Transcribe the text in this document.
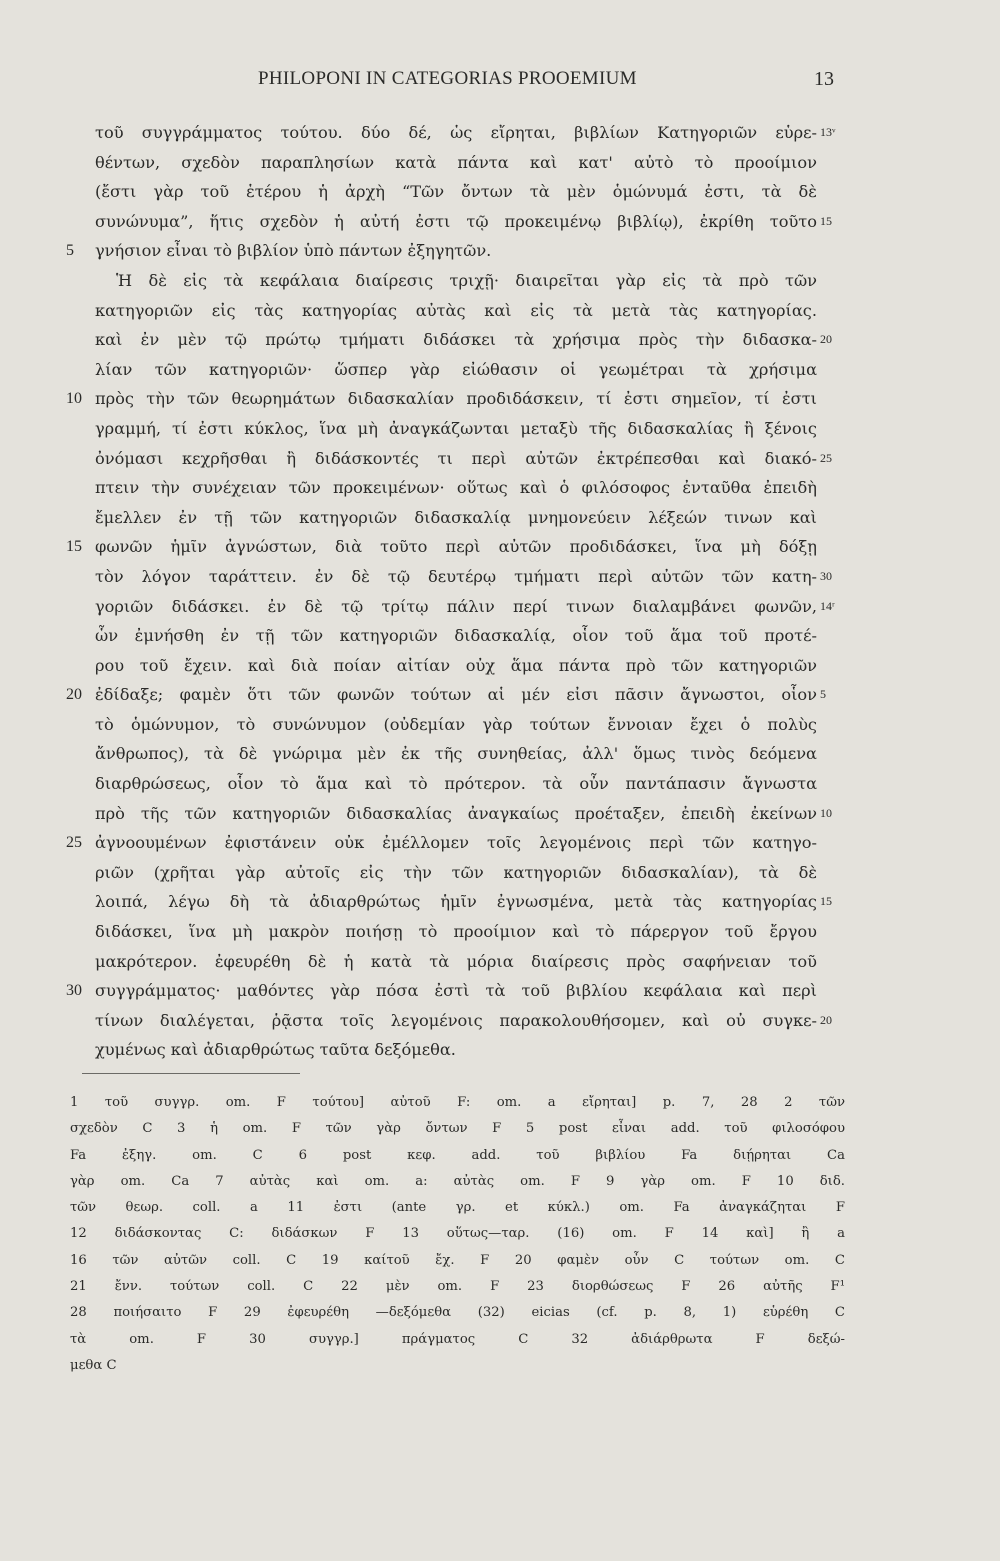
PHILOPONI IN CATEGORIAS PROOEMIUM	13
τοῦ συγγράμματος τούτου. δύο δέ, ὡς εἴρηται, βιβλίων Κατηγοριῶν εὑρε- 13ᵛ
θέντων, σχεδὸν παραπλησίων κατὰ πάντα καὶ κατ' αὐτὸ τὸ προοίμιον
(ἔστι γὰρ τοῦ ἑτέρου ἡ ἀρχὴ “Τῶν ὄντων τὰ μὲν ὁμώνυμά ἐστι, τὰ δὲ
συνώνυμα”, ἥτις σχεδὸν ἡ αὐτή ἐστι τῷ προκειμένῳ βιβλίῳ), ἐκρίθη τοῦτο 15
γνήσιον εἶναι τὸ βιβλίον ὑπὸ πάντων ἐξηγητῶν.
5
Ἡ δὲ εἰς τὰ κεφάλαια διαίρεσις τριχῇ· διαιρεῖται γὰρ εἰς τὰ πρὸ τῶν
κατηγοριῶν εἰς τὰς κατηγορίας αὐτὰς καὶ εἰς τὰ μετὰ τὰς κατηγορίας.
καὶ ἐν μὲν τῷ πρώτῳ τμήματι διδάσκει τὰ χρήσιμα πρὸς τὴν διδασκα- 20
λίαν τῶν κατηγοριῶν· ὥσπερ γὰρ εἰώθασιν οἱ γεωμέτραι τὰ χρήσιμα
πρὸς τὴν τῶν θεωρημάτων διδασκαλίαν προδιδάσκειν, τί ἐστι σημεῖον, τί ἐστι
10
γραμμή, τί ἐστι κύκλος, ἵνα μὴ ἀναγκάζωνται μεταξὺ τῆς διδασκαλίας ἢ ξένοις
ὀνόμασι κεχρῆσθαι ἢ διδάσκοντές τι περὶ αὐτῶν ἐκτρέπεσθαι καὶ διακό- 25
πτειν τὴν συνέχειαν τῶν προκειμένων· οὕτως καὶ ὁ φιλόσοφος ἐνταῦθα ἐπειδὴ
ἔμελλεν ἐν τῇ τῶν κατηγοριῶν διδασκαλίᾳ μνημονεύειν λέξεών τινων καὶ
φωνῶν ἡμῖν ἀγνώστων, διὰ τοῦτο περὶ αὐτῶν προδιδάσκει, ἵνα μὴ δόξῃ
15
τὸν λόγον ταράττειν. ἐν δὲ τῷ δευτέρῳ τμήματι περὶ αὐτῶν τῶν κατη- 30
γοριῶν διδάσκει. ἐν δὲ τῷ τρίτῳ πάλιν περί τινων διαλαμβάνει φωνῶν, 14ʳ
ὧν ἐμνήσθη ἐν τῇ τῶν κατηγοριῶν διδασκαλίᾳ, οἷον τοῦ ἅμα τοῦ προτέ-
ρου τοῦ ἔχειν. καὶ διὰ ποίαν αἰτίαν οὐχ ἅμα πάντα πρὸ τῶν κατηγοριῶν
ἐδίδαξε; φαμὲν ὅτι τῶν φωνῶν τούτων αἱ μέν εἰσι πᾶσιν ἄγνωστοι, οἷον
20	5
τὸ ὁμώνυμον, τὸ συνώνυμον (οὐδεμίαν γὰρ τούτων ἔννοιαν ἔχει ὁ πολὺς
ἄνθρωπος), τὰ δὲ γνώριμα μὲν ἐκ τῆς συνηθείας, ἀλλ' ὅμως τινὸς δεόμενα
διαρθρώσεως, οἷον τὸ ἅμα καὶ τὸ πρότερον. τὰ οὖν παντάπασιν ἄγνωστα
πρὸ τῆς τῶν κατηγοριῶν διδασκαλίας ἀναγκαίως προέταξεν, ἐπειδὴ ἐκείνων 10
ἀγνοουμένων ἐφιστάνειν οὐκ ἐμέλλομεν τοῖς λεγομένοις περὶ τῶν κατηγο-
25
ριῶν (χρῆται γὰρ αὐτοῖς εἰς τὴν τῶν κατηγοριῶν διδασκαλίαν), τὰ δὲ
λοιπά, λέγω δὴ τὰ ἀδιαρθρώτως ἡμῖν ἐγνωσμένα, μετὰ τὰς κατηγορίας 15
διδάσκει, ἵνα μὴ μακρὸν ποιήσῃ τὸ προοίμιον καὶ τὸ πάρεργον τοῦ ἔργου
μακρότερον. ἐφευρέθη δὲ ἡ κατὰ τὰ μόρια διαίρεσις πρὸς σαφήνειαν τοῦ
συγγράμματος· μαθόντες γὰρ πόσα ἐστὶ τὰ τοῦ βιβλίου κεφάλαια καὶ περὶ
30
τίνων διαλέγεται, ῥᾷστα τοῖς λεγομένοις παρακολουθήσομεν, καὶ οὐ συγκε- 20
χυμένως καὶ ἀδιαρθρώτως ταῦτα δεξόμεθα.
1 τοῦ συγγρ. om. F τούτου] αὐτοῦ F: om. a εἴρηται] p. 7, 28 2 τῶν
σχεδὸν C 3 ἡ om. F τῶν γὰρ ὄντων F 5 post εἶναι add. τοῦ φιλοσόφου
Fa ἐξηγ. om. C 6 post κεφ. add. τοῦ βιβλίου Fa διῄρηται Ca
γὰρ om. Ca 7 αὐτὰς καὶ om. a: αὐτὰς om. F 9 γὰρ om. F 10 διδ.
τῶν θεωρ. coll. a 11 ἐστι (ante γρ. et κύκλ.) om. Fa ἀναγκάζηται F
12 διδάσκοντας C: διδάσκων F 13 οὕτως—ταρ. (16) om. F 14 καὶ] ἢ a
16 τῶν αὐτῶν coll. C 19 καίτοῦ ἔχ. F 20 φαμὲν οὖν C τούτων om. C
21 ἔνν. τούτων coll. C 22 μὲν om. F 23 διορθώσεως F 26 αὐτῆς F¹
28 ποιήσαιτο F 29 ἐφευρέθη —δεξόμεθα (32) eicias (cf. p. 8, 1) εὑρέθη C
τὰ om. F 30 συγγρ.] πράγματος C 32 ἀδιάρθρωτα F δεξώ-
μεθα C
